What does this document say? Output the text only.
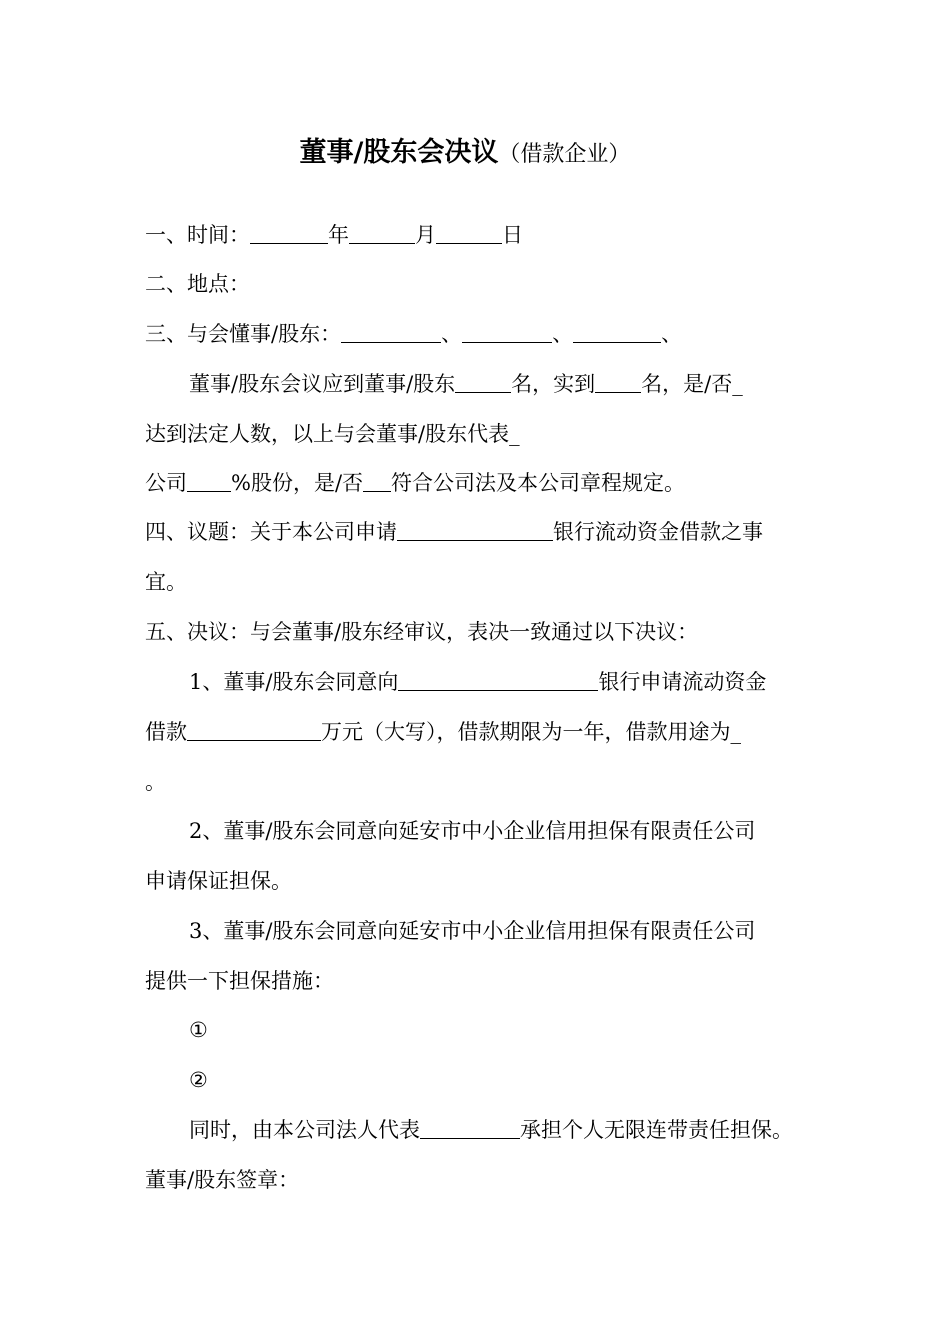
董事/股东会决议（借款企业）
一、时间：	年	月	日
二、地点：
三、与会懂事/股东：	、	、	、
董事/股东会议应到董事/股东	名，实到 名，是/否_
达到法定人数，以上与会董事/股东代表_
公司 %股份，是/否 符合公司法及本公司章程规定。
四、议题：关于本公司申请	银行流动资金借款之事
宜。
五、决议：与会董事/股东经审议，表决一致通过以下决议：
1、董事/股东会同意向	银行申请流动资金
借款	万元（大写），借款期限为一年，借款用途为_
。
2、董事/股东会同意向延安市中小企业信用担保有限责任公司
申请保证担保。
3、董事/股东会同意向延安市中小企业信用担保有限责任公司
提供一下担保措施：
①
②
同时，由本公司法人代表	承担个人无限连带责任担保。
董事/股东签章：
